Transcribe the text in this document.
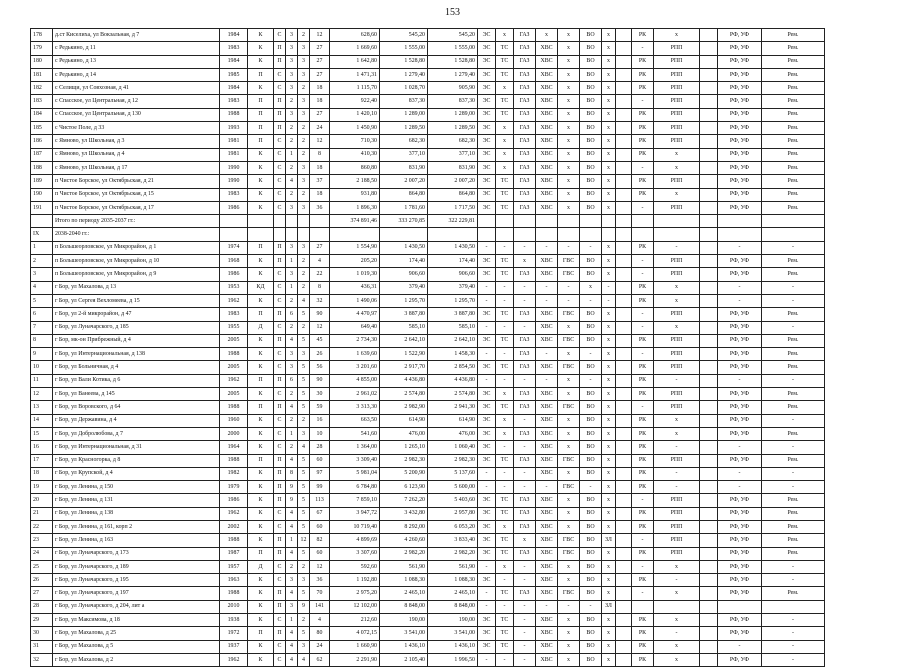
153
178	д.ст Киселиха, ул Вокзальная, д 7	1984	К	С	3	2	12	628,60	545,20	545,20	ЭС	х	ГАЗ	х	х	ВО	х		РК	х		РФ, УФ	Рем.
179	с Редькино, д 11	1983	К	П	3	3	27	1 669,60	1 555,00	1 555,00	ЭС	ТС	ГАЗ	ХВС	х	ВО	х		-	РПП		РФ, УФ	Рем.
180	с Редькино, д 13	1984	К	П	3	3	27	1 642,80	1 528,80	1 528,80	ЭС	ТС	ГАЗ	ХВС	х	ВО	х		РК	РПП		РФ, УФ	Рем.
181	с Редькино, д 14	1985	П	С	3	3	27	1 471,31	1 279,40	1 279,40	ЭС	ТС	ГАЗ	ХВС	х	ВО	х		РК	РПП		РФ, УФ	Рем.
182	с Селищи, ул Совхозная, д 41	1984	К	С	3	2	18	1 115,70	1 028,70	905,90	ЭС	х	ГАЗ	ХВС	х	ВО	х		РК	РПП		РФ, УФ	Рем.
183	с Спасское, ул Центральная, д 12	1983	П	П	2	3	18	922,40	837,30	837,30	ЭС	ТС	ГАЗ	ХВС	х	ВО	х		-	РПП		РФ, УФ	Рем.
184	с Спасское, ул Центральная, д 130	1988	П	П	3	3	27	1 420,10	1 289,00	1 289,00	ЭС	ТС	ГАЗ	ХВС	х	ВО	х		РК	РПП		РФ, УФ	Рем.
185	с Чистое Поле, д 33	1993	П	П	2	2	24	1 450,90	1 289,50	1 289,50	ЭС	х	ГАЗ	ХВС	х	ВО	х		РК	РПП		РФ, УФ	Рем.
186	с Ямново, ул Школьная, д 3	1981	П	С	2	2	12	710,30	682,30	682,30	ЭС	х	ГАЗ	ХВС	х	ВО	х		РК	РПП		РФ, УФ	Рем.
187	с Ямново, ул Школьная, д 4	1981	К	С	1	2	8	410,30	377,10	377,10	ЭС	х	ГАЗ	ХВС	х	ВО	х		РК	х		РФ, УФ	Рем.
188	с Ямново, ул Школьная, д 17	1990	К	С	2	3	18	860,80	831,90	831,90	ЭС	х	ГАЗ	ХВС	х	ВО	х		-	х		РФ, УФ	Рем.
189	п Чистое Борское, ул Октябрьская, д 21	1990	К	С	4	3	37	2 188,50	2 007,20	2 007,20	ЭС	ТС	ГАЗ	ХВС	х	ВО	х		РК	РПП		РФ, УФ	Рем.
190	п Чистое Борское, ул Октябрьская, д 15	1983	К	С	2	2	18	931,80	864,80	864,80	ЭС	ТС	ГАЗ	ХВС	х	ВО	х		РК	х		РФ, УФ	Рем.
191	п Чистое Борское, ул Октябрьская, д 17	1986	К	С	3	3	36	1 896,30	1 781,60	1 717,50	ЭС	ТС	ГАЗ	ХВС	х	ВО	х		-	РПП		РФ, УФ	Рем.
	Итого по периоду 2035-2037 гг.:							374 891,46	333 270,85	322 229,81													
IX	2038-2040 гг.:																						
1	п Большеорловское, ул Микрорайон, д 1	1974	П	П	3	3	27	1 554,90	1 430,50	1 430,50	-	-	-	-	-	-	х		РК	-		-	-
2	п Большеорловское, ул Микрорайон, д 10	1968	К	П	1	2	4	205,20	174,40	174,40	ЭС	ТС	х	ХВС	ГВС	ВО	х		-	РПП		РФ, УФ	Рем.
3	п Большеорловское, ул Микрорайон, д 9	1986	К	С	3	2	22	1 019,30	906,60	906,60	ЭС	ТС	ГАЗ	ХВС	ГВС	ВО	х		-	РПП		РФ, УФ	Рем.
4	г Бор, ул Махалова, д 13	1953	КД	С	1	2	8	436,31	379,40	379,40	-	-	-	-	-	х	-		РК	х		-	-
5	г Бор, ул Сергея Вехломеева, д 15	1962	К	С	2	4	32	1 490,06	1 295,70	1 295,70	-	-	-	-	-	-	-		РК	х		-	-
6	г Бор, ул 2-й микрорайон, д 47	1983	П	П	6	5	90	4 470,97	3 887,80	3 887,80	ЭС	ТС	ГАЗ	ХВС	ГВС	ВО	х		-	РПП		РФ, УФ	Рем.
7	г Бор, ул Луначарского, д 185	1955	Д	С	2	2	12	649,40	585,10	585,10	-	-	-	ХВС	х	ВО	х		-	х		РФ, УФ	-
8	г Бор, мк-он Прибрежный, д 4	2005	К	П	4	5	45	2 734,30	2 642,10	2 642,10	ЭС	ТС	ГАЗ	ХВС	ГВС	ВО	х		РК	РПП		РФ, УФ	Рем.
9	г Бор, ул Интернациональная, д 138	1988	К	С	3	3	26	1 639,60	1 522,90	1 458,30	-	-	ГАЗ	-	х	-	х		-	РПП		РФ, УФ	Рем.
10	г Бор, ул Больничная, д 4	2005	К	С	3	5	56	3 201,60	2 917,70	2 854,50	ЭС	ТС	ГАЗ	ХВС	ГВС	ВО	х		РК	РПП		РФ, УФ	Рем.
11	г Бор, ул Вали Котика, д 6	1962	П	П	6	5	90	4 855,00	4 436,80	4 436,80	-	-	-	-	х	-	х		РК	-		-	-
12	г Бор, ул Ванеева, д 145	2005	К	С	2	5	30	2 961,02	2 574,80	2 574,80	ЭС	х	ГАЗ	ХВС	х	ВО	х		РК	РПП		РФ, УФ	Рем.
13	г Бор, ул Воровского, д 64	1988	П	П	4	5	59	3 313,30	2 982,90	2 941,30	ЭС	ТС	ГАЗ	ХВС	ГВС	ВО	х		-	РПП		РФ, УФ	Рем.
14	г Бор, ул Державина, д 4	1960	К	С	2	2	16	663,50	614,90	614,90	ЭС	х	-	ХВС	х	ВО	х		РК	х		РФ, УФ	-
15	г Бор, ул Добролюбова, д 7	2000	К	С	1	3	10	541,60	476,00	476,00	ЭС	х	ГАЗ	ХВС	х	ВО	х		РК	х		РФ, УФ	Рем.
16	г Бор, ул Интернациональная, д 31	1964	К	С	2	4	28	1 364,00	1 265,10	1 060,40	ЭС	-	-	ХВС	х	ВО	х		РК	-		-	-
17	г Бор, ул Красногорка, д 8	1988	П	П	4	5	60	3 309,40	2 982,30	2 982,30	ЭС	ТС	ГАЗ	ХВС	ГВС	ВО	х		РК	РПП		РФ, УФ	Рем.
18	г Бор, ул Крупской, д 4	1982	К	П	8	5	97	5 981,04	5 200,90	5 137,60	-	-	-	ХВС	х	ВО	х		РК	-		-	-
19	г Бор, ул Ленина, д 150	1979	К	П	9	5	99	6 784,80	6 123,90	5 600,00	-	-	-	-	ГВС	-	х		РК	-		-	-
20	г Бор, ул Ленина, д 131	1986	К	П	9	5	113	7 859,10	7 262,20	5 403,60	ЭС	ТС	ГАЗ	ХВС	х	ВО	х		-	РПП		РФ, УФ	Рем.
21	г Бор, ул Ленина, д 138	1962	К	С	4	5	67	3 947,72	3 432,80	2 957,80	ЭС	ТС	ГАЗ	ХВС	х	ВО	х		РК	РПП		РФ, УФ	Рем.
22	г Бор, ул Ленина, д 161, корп 2	2002	К	С	4	5	60	10 719,40	8 292,00	6 053,20	ЭС	х	ГАЗ	ХВС	х	ВО	х		РК	РПП		РФ, УФ	Рем.
23	г Бор, ул Ленина, д 163	1988	К	П	1	12	82	4 899,69	4 260,60	3 833,40	ЭС	ТС	х	ХВС	ГВС	ВО	ЗЛ		-	РПП		РФ, УФ	Рем.
24	г Бор, ул Луначарского, д 173	1987	П	П	4	5	60	3 307,60	2 982,20	2 982,20	ЭС	ТС	ГАЗ	ХВС	ГВС	ВО	х		РК	РПП		РФ, УФ	Рем.
25	г Бор, ул Луначарского, д 189	1957	Д	С	2	2	12	592,60	561,90	561,90	-	х	-	ХВС	х	ВО	х		-	х		РФ, УФ	-
26	г Бор, ул Луначарского, д 195	1963	К	С	3	3	36	1 192,80	1 088,30	1 088,30	ЭС	-	-	ХВС	х	ВО	х		РК	-		РФ, УФ	-
27	г Бор, ул Луначарского, д 197	1988	К	П	4	5	70	2 975,20	2 465,10	2 465,10	-	ТС	ГАЗ	ХВС	ГВС	ВО	х		-	х		РФ, УФ	Рем.
28	г Бор, ул Луначарского, д 204, лит а	2010	К	П	3	9	141	12 102,00	8 848,00	8 848,00	-	-	-	-	-	-	ЗЛ						
29	г Бор, ул Максимова, д 18	1938	К	С	1	2	4	212,60	190,00	190,00	ЭС	ТС	-	ХВС	х	ВО	х		РК	х		РФ, УФ	-
30	г Бор, ул Махалова, д 25	1972	П	П	4	5	80	4 072,15	3 541,00	3 541,00	ЭС	ТС	-	ХВС	х	ВО	х		РК	-		РФ, УФ	-
31	г Бор, ул Махалова, д 5	1937	К	С	4	3	24	1 660,90	1 436,10	1 436,10	ЭС	ТС	-	ХВС	х	ВО	х		РК	х		-	-
32	г Бор, ул Махалова, д 2	1962	К	С	4	4	62	2 291,90	2 105,40	1 996,50	-	-	-	ХВС	х	ВО	х		РК	х		РФ, УФ	-
